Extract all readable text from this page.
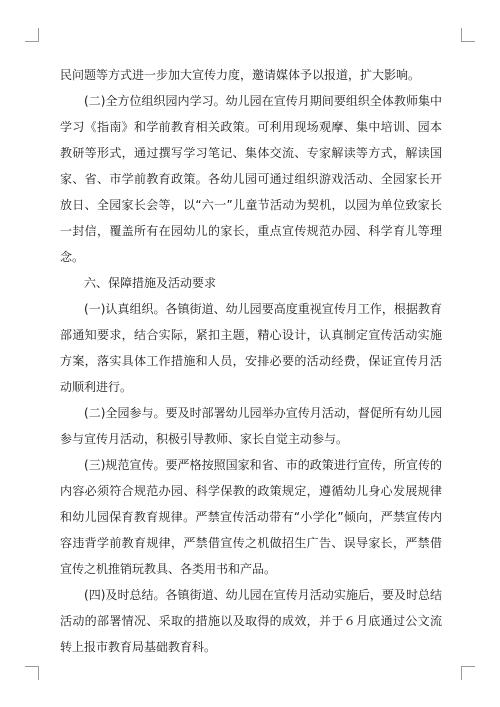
民问题等方式进一步加大宣传力度，邀请媒体予以报道，扩大影响。

(二)全方位组织园内学习。幼儿园在宣传月期间要组织全体教师集中学习《指南》和学前教育相关政策。可利用现场观摩、集中培训、园本教研等形式，通过撰写学习笔记、集体交流、专家解读等方式，解读国家、省、市学前教育政策。各幼儿园可通过组织游戏活动、全园家长开放日、全园家长会等，以“六一”儿童节活动为契机，以园为单位致家长一封信，覆盖所有在园幼儿的家长，重点宣传规范办园、科学育儿等理念。

六、保障措施及活动要求

(一)认真组织。各镇街道、幼儿园要高度重视宣传月工作，根据教育部通知要求，结合实际，紧扣主题，精心设计，认真制定宣传活动实施方案，落实具体工作措施和人员，安排必要的活动经费，保证宣传月活动顺利进行。

(二)全园参与。要及时部署幼儿园举办宣传月活动，督促所有幼儿园参与宣传月活动，积极引导教师、家长自觉主动参与。

(三)规范宣传。要严格按照国家和省、市的政策进行宣传，所宣传的内容必须符合规范办园、科学保教的政策规定，遵循幼儿身心发展规律和幼儿园保育教育规律。严禁宣传活动带有“小学化”倾向，严禁宣传内容违背学前教育规律，严禁借宣传之机做招生广告、误导家长，严禁借宣传之机推销玩教具、各类用书和产品。

(四)及时总结。各镇街道、幼儿园在宣传月活动实施后，要及时总结活动的部署情况、采取的措施以及取得的成效，并于６月底通过公文流转上报市教育局基础教育科。
